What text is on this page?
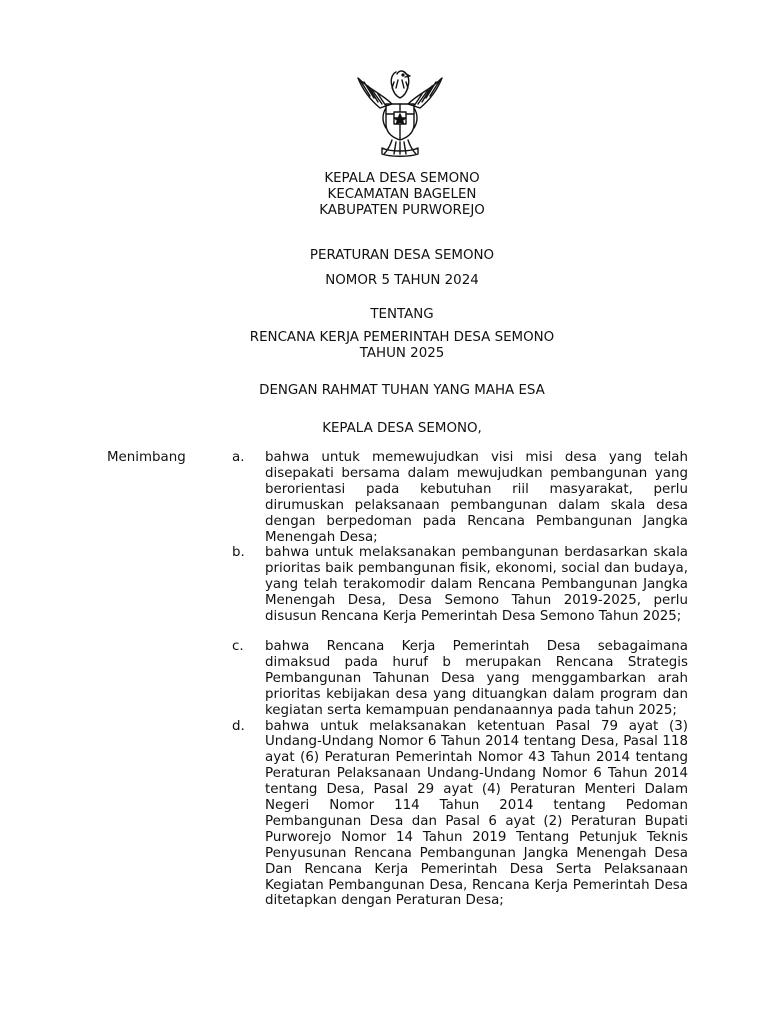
KEPALA DESA SEMONO
KECAMATAN BAGELEN
KABUPATEN PURWOREJO
PERATURAN DESA SEMONO
NOMOR 5 TAHUN 2024
TENTANG
RENCANA KERJA PEMERINTAH DESA SEMONO
TAHUN 2025
DENGAN RAHMAT TUHAN YANG MAHA ESA
KEPALA DESA SEMONO,
Menimbang	a.	bahwa untuk memewujudkan visi misi desa yang telah disepakati bersama dalam mewujudkan pembangunan yang berorientasi pada kebutuhan riil masyarakat, perlu dirumuskan pelaksanaan pembangunan dalam skala desa dengan berpedoman pada Rencana Pembangunan Jangka Menengah Desa;
b.	bahwa untuk melaksanakan pembangunan berdasarkan skala prioritas baik pembangunan fisik, ekonomi, social dan budaya, yang telah terakomodir dalam Rencana Pembangunan Jangka Menengah Desa, Desa Semono Tahun 2019-2025, perlu disusun Rencana Kerja Pemerintah Desa Semono Tahun 2025;
c.	bahwa Rencana Kerja Pemerintah Desa sebagaimana dimaksud pada huruf b merupakan Rencana Strategis Pembangunan Tahunan Desa yang menggambarkan arah prioritas kebijakan desa yang dituangkan dalam program dan kegiatan serta kemampuan pendanaannya pada tahun 2025;
d.	bahwa untuk melaksanakan ketentuan Pasal 79 ayat (3) Undang-Undang Nomor 6 Tahun 2014 tentang Desa, Pasal 118 ayat (6) Peraturan Pemerintah Nomor 43 Tahun 2014 tentang Peraturan Pelaksanaan Undang-Undang Nomor 6 Tahun 2014 tentang Desa, Pasal 29 ayat (4) Peraturan Menteri Dalam Negeri Nomor 114 Tahun 2014 tentang Pedoman Pembangunan Desa dan Pasal 6 ayat (2) Peraturan Bupati Purworejo Nomor 14 Tahun 2019 Tentang Petunjuk Teknis Penyusunan Rencana Pembangunan Jangka Menengah Desa Dan Rencana Kerja Pemerintah Desa Serta Pelaksanaan Kegiatan Pembangunan Desa, Rencana Kerja Pemerintah Desa ditetapkan dengan Peraturan Desa;
